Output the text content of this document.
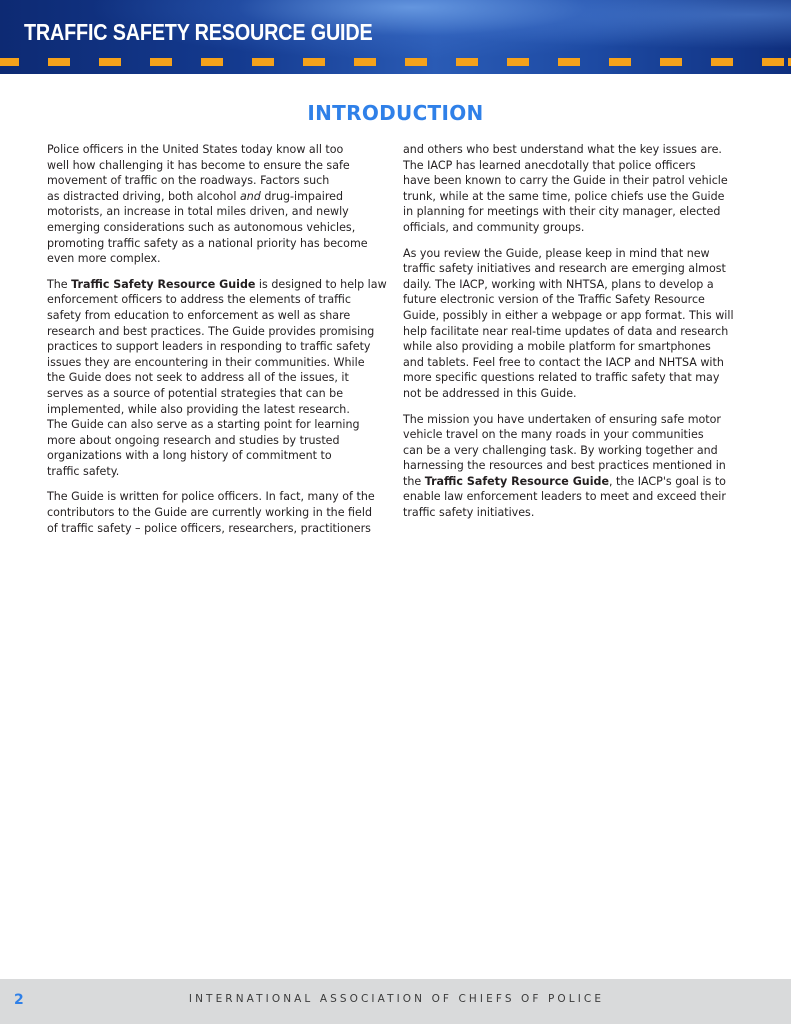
TRAFFIC SAFETY RESOURCE GUIDE
INTRODUCTION

Police officers in the United States today know all too
well how challenging it has become to ensure the safe
movement of traffic on the roadways. Factors such
as distracted driving, both alcohol and drug-impaired
motorists, an increase in total miles driven, and newly
emerging considerations such as autonomous vehicles,
promoting traffic safety as a national priority has become
even more complex.

The Traffic Safety Resource Guide is designed to help law
enforcement officers to address the elements of traffic
safety from education to enforcement as well as share
research and best practices. The Guide provides promising
practices to support leaders in responding to traffic safety
issues they are encountering in their communities. While
the Guide does not seek to address all of the issues, it
serves as a source of potential strategies that can be
implemented, while also providing the latest research.
The Guide can also serve as a starting point for learning
more about ongoing research and studies by trusted
organizations with a long history of commitment to
traffic safety.

The Guide is written for police officers. In fact, many of the
contributors to the Guide are currently working in the field
of traffic safety – police officers, researchers, practitioners

and others who best understand what the key issues are.
The IACP has learned anecdotally that police officers
have been known to carry the Guide in their patrol vehicle
trunk, while at the same time, police chiefs use the Guide
in planning for meetings with their city manager, elected
officials, and community groups.

As you review the Guide, please keep in mind that new
traffic safety initiatives and research are emerging almost
daily. The IACP, working with NHTSA, plans to develop a
future electronic version of the Traffic Safety Resource
Guide, possibly in either a webpage or app format. This will
help facilitate near real-time updates of data and research
while also providing a mobile platform for smartphones
and tablets. Feel free to contact the IACP and NHTSA with
more specific questions related to traffic safety that may
not be addressed in this Guide.

The mission you have undertaken of ensuring safe motor
vehicle travel on the many roads in your communities
can be a very challenging task. By working together and
harnessing the resources and best practices mentioned in
the Traffic Safety Resource Guide, the IACP's goal is to
enable law enforcement leaders to meet and exceed their
traffic safety initiatives.

2	INTERNATIONAL ASSOCIATION OF CHIEFS OF POLICE
